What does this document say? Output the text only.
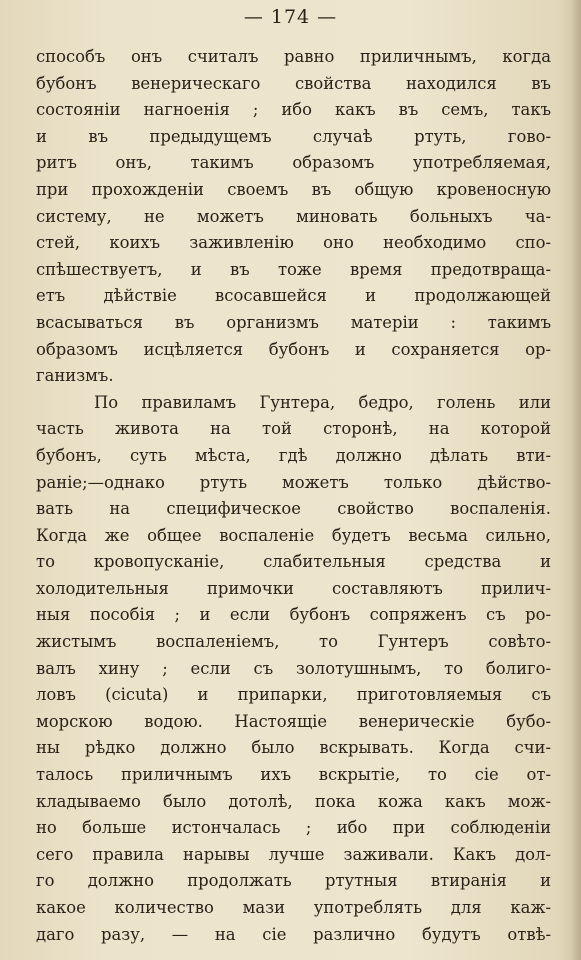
— 174 —
способъ онъ считалъ равно приличнымъ, когда
бубонъ венерическаго свойства находился въ
состояніи нагноенія ; ибо какъ въ семъ, такъ
и въ предыдущемъ случаѣ ртуть, гово-
ритъ онъ, такимъ образомъ употребляемая,
при прохожденіи своемъ въ общую кровеносную
систему, не можетъ миновать больныхъ ча-
стей, коихъ заживленію оно необходимо спо-
спѣшествуетъ, и въ тоже время предотвраща-
етъ дѣйствіе всосавшейся и продолжающей
всасываться въ организмъ матеріи : такимъ
образомъ исцѣляется бубонъ и сохраняется ор-
ганизмъ.
По правиламъ Гунтера, бедро, голень или
часть живота на той сторонѣ, на которой
бубонъ, суть мѣста, гдѣ должно дѣлать вти-
раніе;—однако ртуть можетъ только дѣйство-
вать на специфическое свойство воспаленія.
Когда же общее воспаленіе будетъ весьма сильно,
то кровопусканіе, слабительныя средства и
холодительныя примочки составляютъ прилич-
ныя пособія ; и если бубонъ сопряженъ съ ро-
жистымъ воспаленіемъ, то Гунтеръ совѣто-
валъ хину ; если съ золотушнымъ, то болиго-
ловъ (cicuta) и припарки, приготовляемыя съ
морскою водою. Настоящіе венерическіе бубо-
ны рѣдко должно было вскрывать. Когда счи-
талось приличнымъ ихъ вскрытіе, то сіе от-
кладываемо было дотолѣ, пока кожа какъ мож-
но больше истончалась ; ибо при соблюденіи
сего правила нарывы лучше заживали. Какъ дол-
го должно продолжать ртутныя втиранія и
какое количество мази употреблять для каж-
даго разу, — на сіе различно будутъ отвѣ-
